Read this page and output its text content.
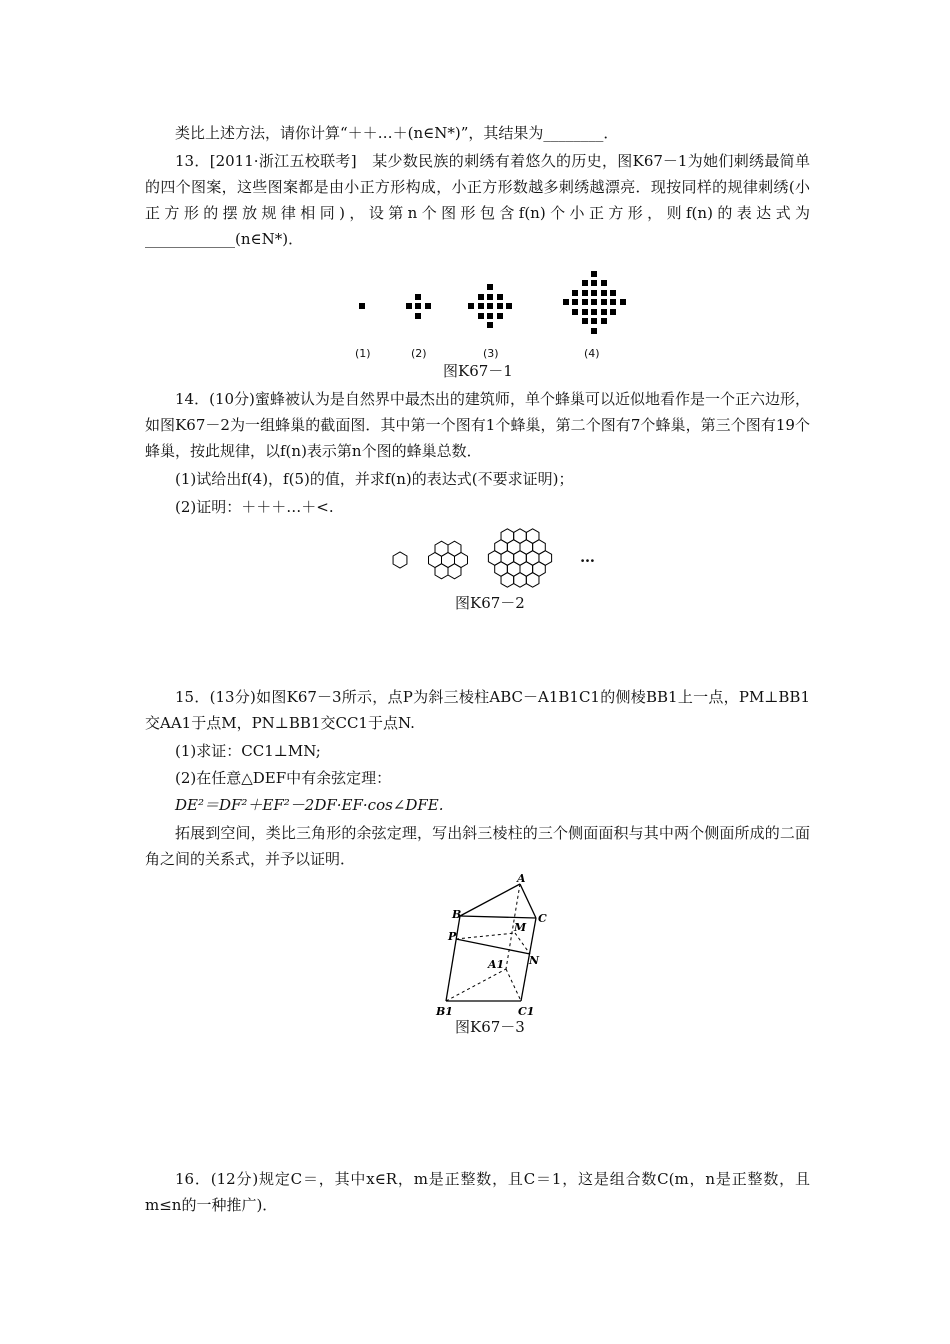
类比上述方法，请你计算“＋＋…＋(n∈N*)”，其结果为________．
13．[2011·浙江五校联考]　某少数民族的刺绣有着悠久的历史，图K67－1为她们刺绣最简单的四个图案，这些图案都是由小正方形构成，小正方形数越多刺绣越漂亮．现按同样的规律刺绣(小正方形的摆放规律相同)，设第n个图形包含f(n)个小正方形，则f(n)的表达式为____________(n∈N*)．
(1)	(2)	(3)	(4)
图K67－1
14．(10分)蜜蜂被认为是自然界中最杰出的建筑师，单个蜂巢可以近似地看作是一个正六边形，如图K67－2为一组蜂巢的截面图．其中第一个图有1个蜂巢，第二个图有7个蜂巢，第三个图有19个蜂巢，按此规律，以f(n)表示第n个图的蜂巢总数．
(1)试给出f(4)，f(5)的值，并求f(n)的表达式(不要求证明)；
(2)证明：＋＋＋…＋<.
…
图K67－2
15．(13分)如图K67－3所示，点P为斜三棱柱ABC－A1B1C1的侧棱BB1上一点，PM⊥BB1交AA1于点M，PN⊥BB1交CC1于点N.
(1)求证：CC1⊥MN;
(2)在任意△DEF中有余弦定理：
DE²＝DF²＋EF²－2DF·EF·cos∠DFE.
拓展到空间，类比三角形的余弦定理，写出斜三棱柱的三个侧面面积与其中两个侧面所成的二面角之间的关系式，并予以证明．
A
B	C
P
M
N
A1
B1	C1
图K67－3
16．(12分)规定C＝，其中x∈R，m是正整数，且C＝1，这是组合数C(m，n是正整数，且m≤n的一种推广)．
